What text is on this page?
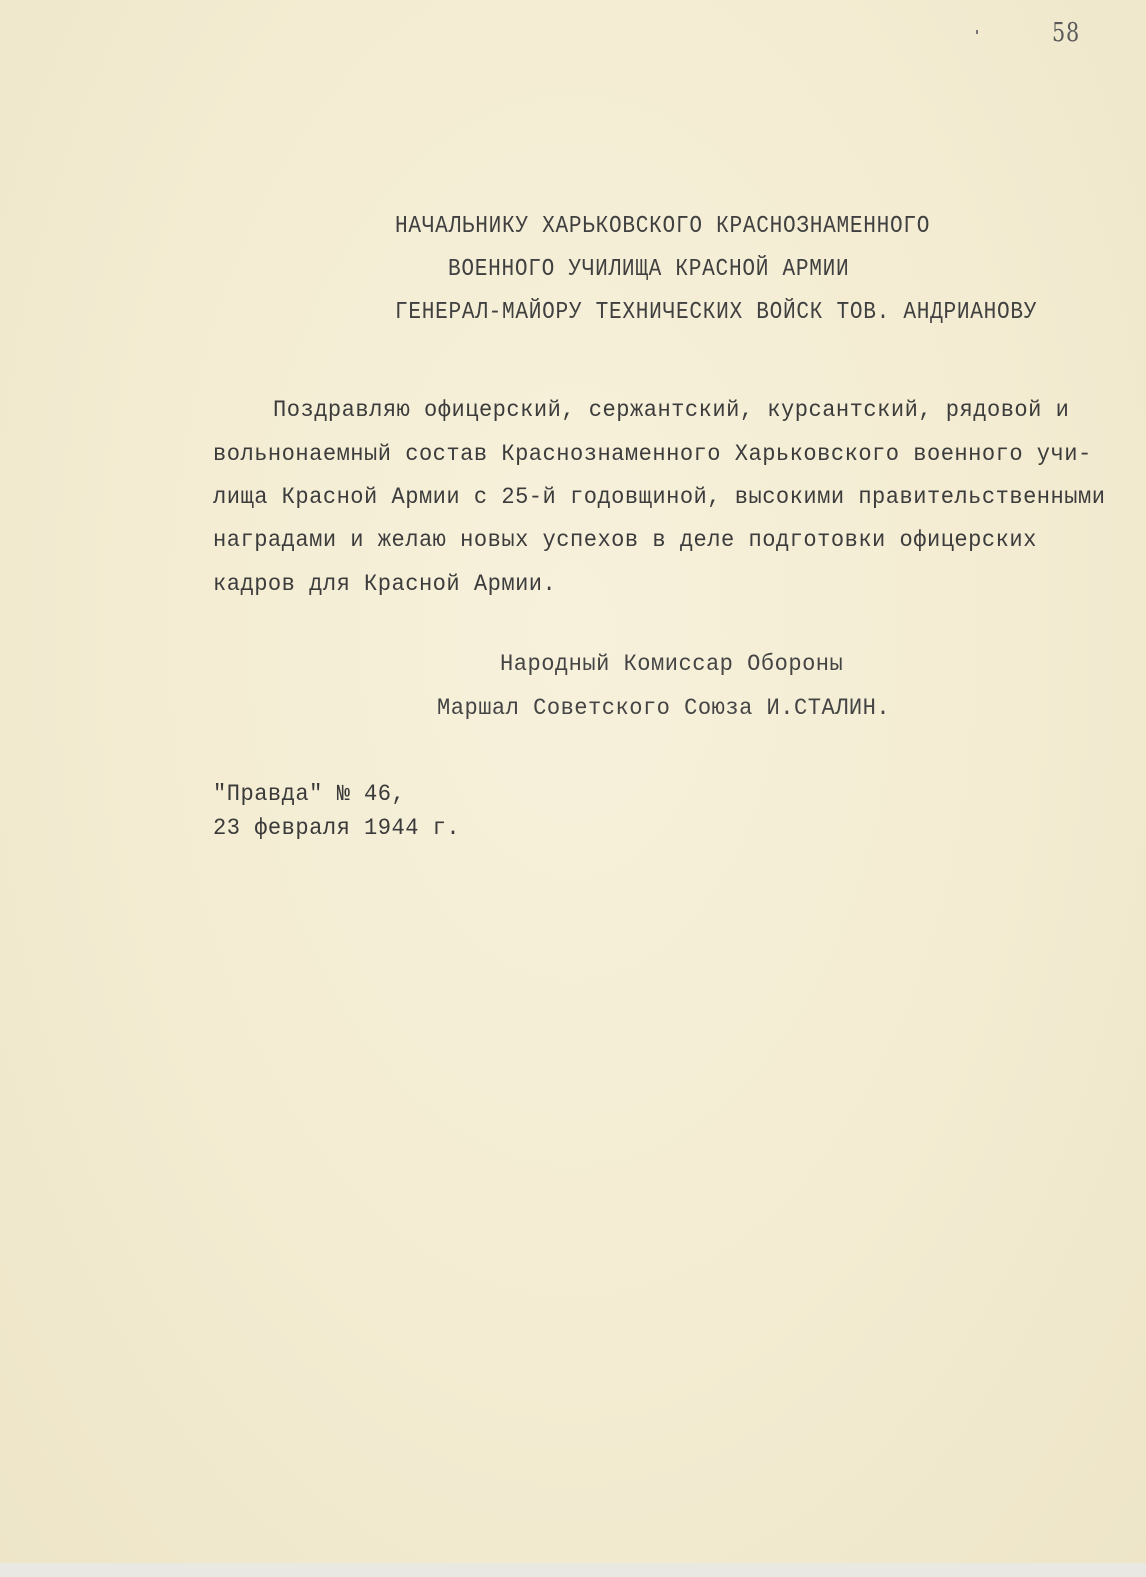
58
НАЧАЛЬНИКУ ХАРЬКОВСКОГО КРАСНОЗНАМЕННОГО
ВОЕННОГО УЧИЛИЩА КРАСНОЙ АРМИИ
ГЕНЕРАЛ-МАЙОРУ ТЕХНИЧЕСКИХ ВОЙСК ТОВ. АНДРИАНОВУ
Поздравляю офицерский, сержантский, курсантский, рядовой и
вольнонаемный состав Краснознаменного Харьковского военного учи-
лища Красной Армии с 25-й годовщиной, высокими правительственными
наградами и желаю новых успехов в деле подготовки офицерских
кадров для Красной Армии.
Народный Комиссар Обороны
Маршал Советского Союза И.СТАЛИН.
"Правда" № 46,
23 февраля 1944 г.
